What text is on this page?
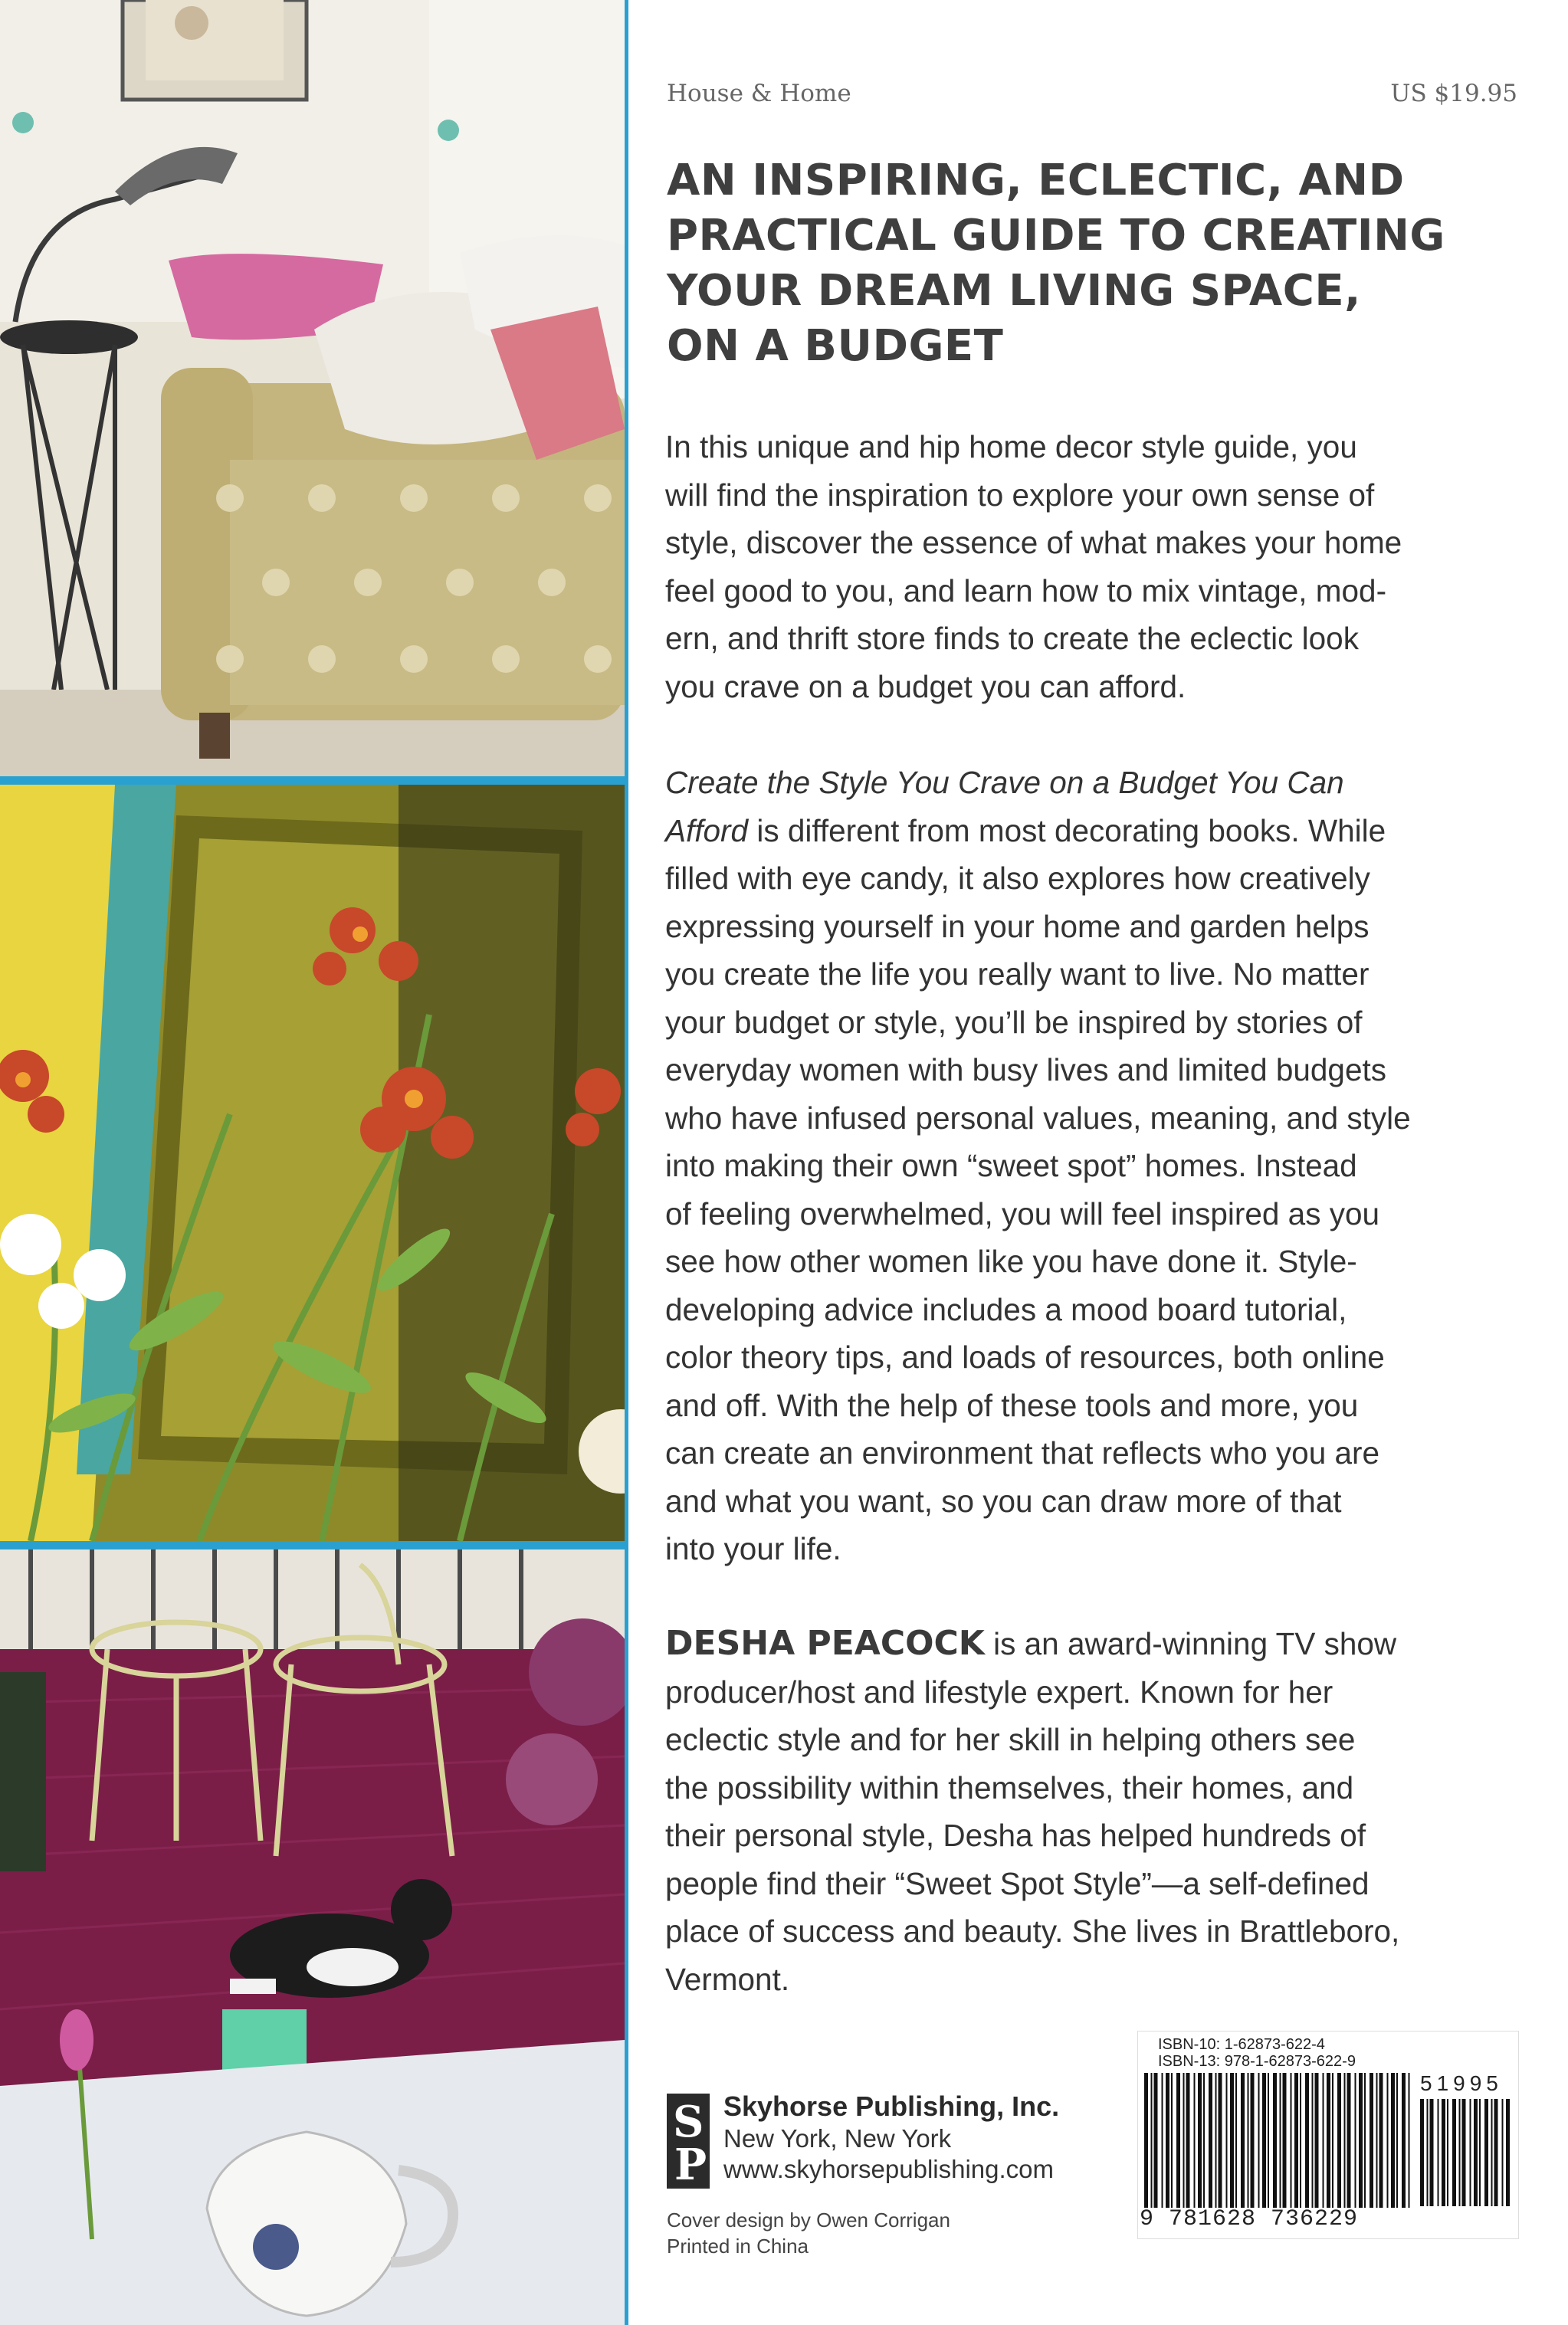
House & Home	US $19.95
AN INSPIRING, ECLECTIC, AND
PRACTICAL GUIDE TO CREATING
YOUR DREAM LIVING SPACE,
ON A BUDGET

In this unique and hip home decor style guide, you
will find the inspiration to explore your own sense of
style, discover the essence of what makes your home
feel good to you, and learn how to mix vintage, mod-
ern, and thrift store finds to create the eclectic look
you crave on a budget you can afford.

Create the Style You Crave on a Budget You Can
Afford is different from most decorating books. While
filled with eye candy, it also explores how creatively
expressing yourself in your home and garden helps
you create the life you really want to live. No matter
your budget or style, you’ll be inspired by stories of
everyday women with busy lives and limited budgets
who have infused personal values, meaning, and style
into making their own “sweet spot” homes. Instead
of feeling overwhelmed, you will feel inspired as you
see how other women like you have done it. Style-
developing advice includes a mood board tutorial,
color theory tips, and loads of resources, both online
and off. With the help of these tools and more, you
can create an environment that reflects who you are
and what you want, so you can draw more of that
into your life.

DESHA PEACOCK is an award-winning TV show
producer/host and lifestyle expert. Known for her
eclectic style and for her skill in helping others see
the possibility within themselves, their homes, and
their personal style, Desha has helped hundreds of
people find their “Sweet Spot Style”—a self-defined
place of success and beauty. She lives in Brattleboro,
Vermont.

S
P
Skyhorse Publishing, Inc.
New York, New York
www.skyhorsepublishing.com
Cover design by Owen Corrigan
Printed in China
ISBN-10: 1-62873-622-4
ISBN-13: 978-1-62873-622-9
51995
9 781628 736229
